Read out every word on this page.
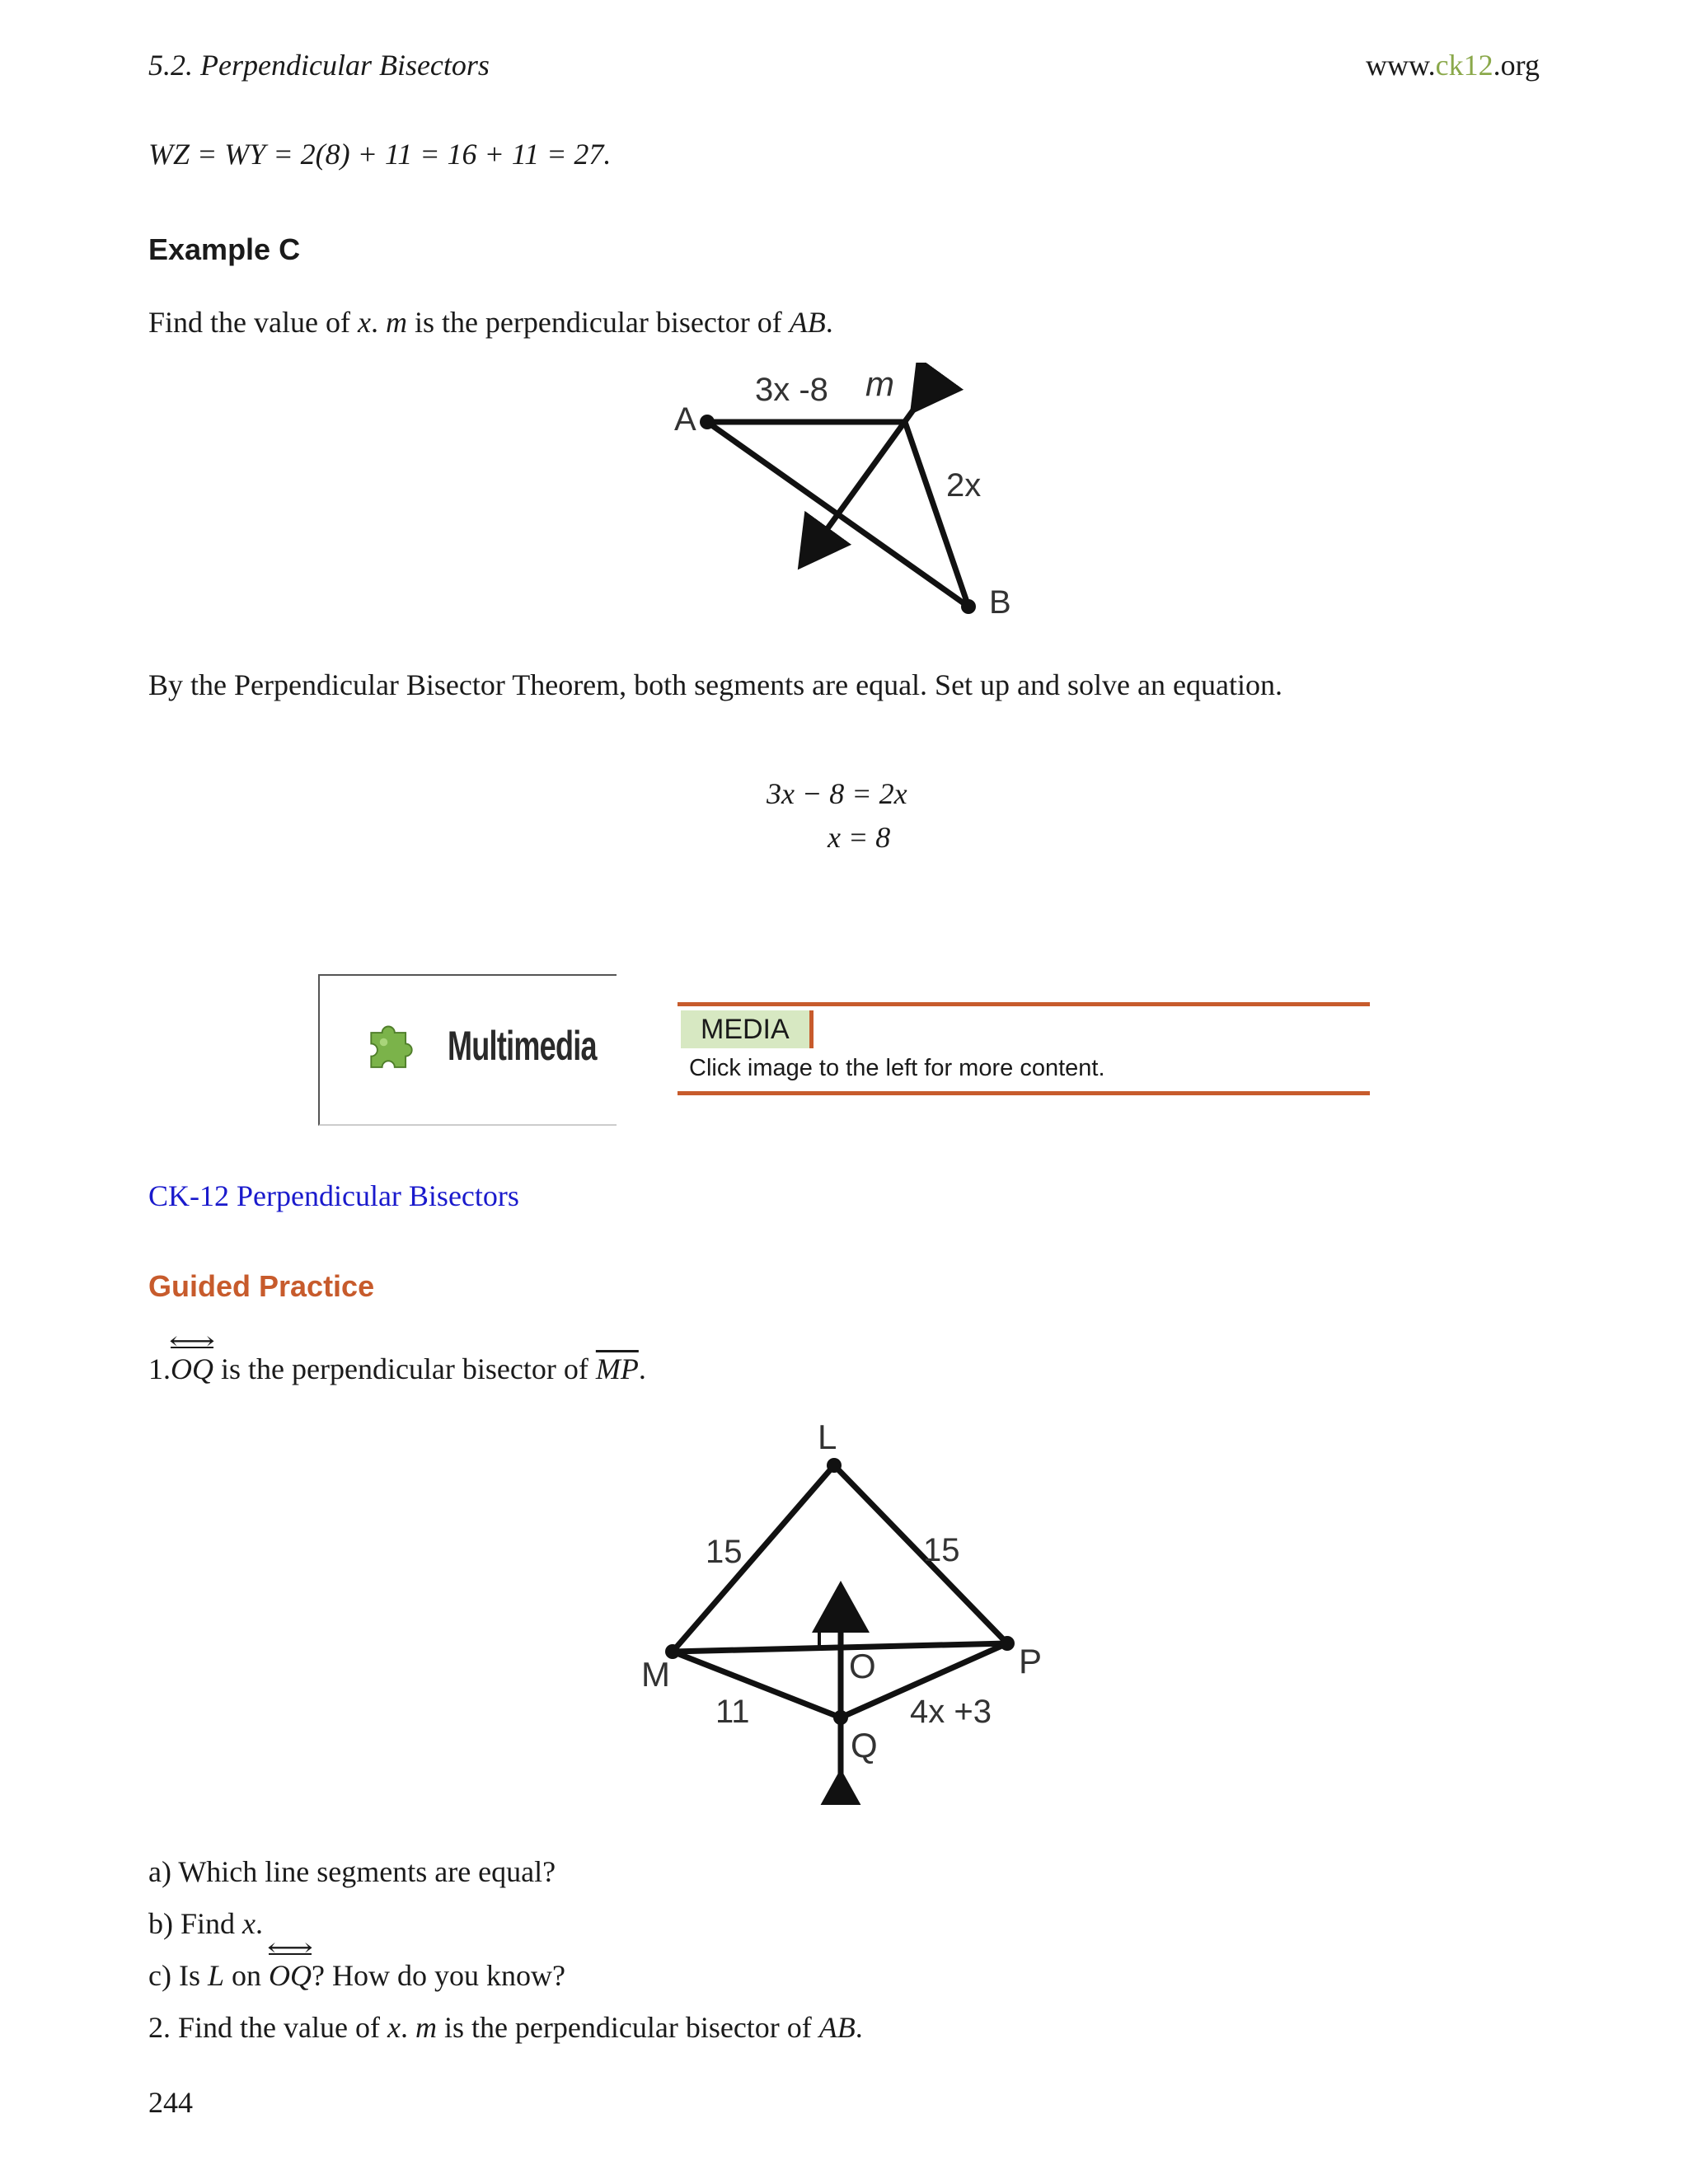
5.2. Perpendicular Bisectors	www.ck12.org
WZ = WY = 2(8) + 11 = 16 + 11 = 27.
Example C
Find the value of x. m is the perpendicular bisector of AB.
A
B
m
3x -8
2x
By the Perpendicular Bisector Theorem, both segments are equal. Set up and solve an equation.
3x − 8 = 2x
x = 8
Multimedia	MEDIA
Click image to the left for more content.
CK-12 Perpendicular Bisectors
Guided Practice
1.OQ ⟷ is the perpendicular bisector of $\overline{MP}$.
L
M	P
O
Q
15	15
11	4x +3
a) Which line segments are equal?
b) Find x.
c) Is L on OQ ⟷? How do you know?
2. Find the value of x. m is the perpendicular bisector of AB.
244
